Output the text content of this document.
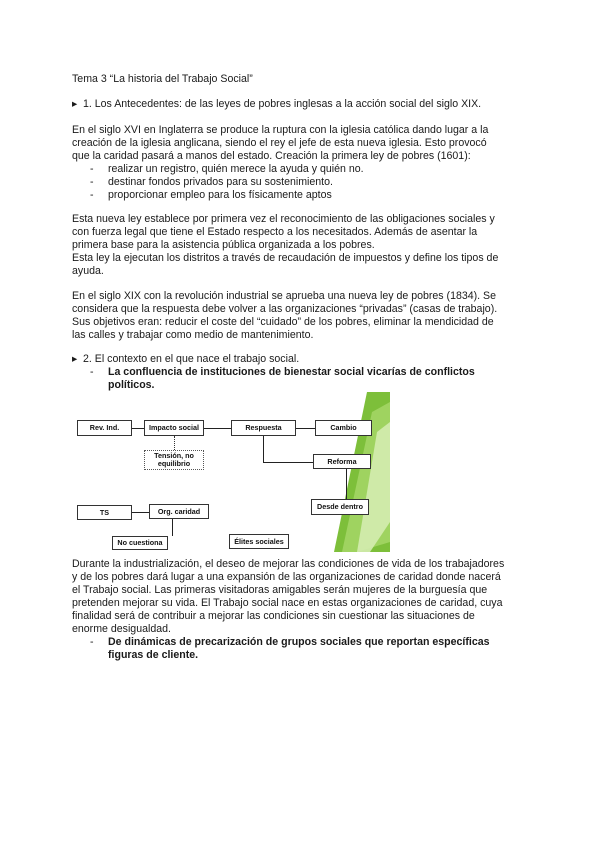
Tema 3 “La historia del Trabajo Social”
▸ 1. Los Antecedentes: de las leyes de pobres inglesas a la acción social del siglo XIX.
En el siglo XVI en Inglaterra se produce la ruptura con la iglesia católica dando lugar a la
creación de la iglesia anglicana, siendo el rey el jefe de esta nueva iglesia. Esto provocó
que la caridad pasará a manos del estado. Creación la primera ley de pobres (1601):
- realizar un registro, quién merece la ayuda y quién no.
- destinar fondos privados para su sostenimiento.
- proporcionar empleo para los físicamente aptos
Esta nueva ley establece por primera vez el reconocimiento de las obligaciones sociales y
con fuerza legal que tiene el Estado respecto a los necesitados. Además de asentar la
primera base para la asistencia pública organizada a los pobres.
Esta ley la ejecutan los distritos a través de recaudación de impuestos y define los tipos de
ayuda.
En el siglo XIX con la revolución industrial se aprueba una nueva ley de pobres (1834). Se
considera que la respuesta debe volver a las organizaciones “privadas” (casas de trabajo).
Sus objetivos eran: reducir el coste del “cuidado” de los pobres, eliminar la mendicidad de
las calles y trabajar como medio de mantenimiento.
▸ 2. El contexto en el que nace el trabajo social.
- La confluencia de instituciones de bienestar social vicarías de conflictos
políticos.
Rev. Ind.	Impacto social	Respuesta	Cambio
Tensión, no equilibrio	Reforma
Desde dentro
TS	Org. caridad
No cuestiona	Élites sociales
Durante la industrialización, el deseo de mejorar las condiciones de vida de los trabajadores
y de los pobres dará lugar a una expansión de las organizaciones de caridad donde nacerá
el Trabajo social. Las primeras visitadoras amigables serán mujeres de la burguesía que
pretenden mejorar su vida. El Trabajo social nace en estas organizaciones de caridad, cuya
finalidad será de contribuir a mejorar las condiciones sin cuestionar las situaciones de
enorme desigualdad.
- De dinámicas de precarización de grupos sociales que reportan específicas
figuras de cliente.
